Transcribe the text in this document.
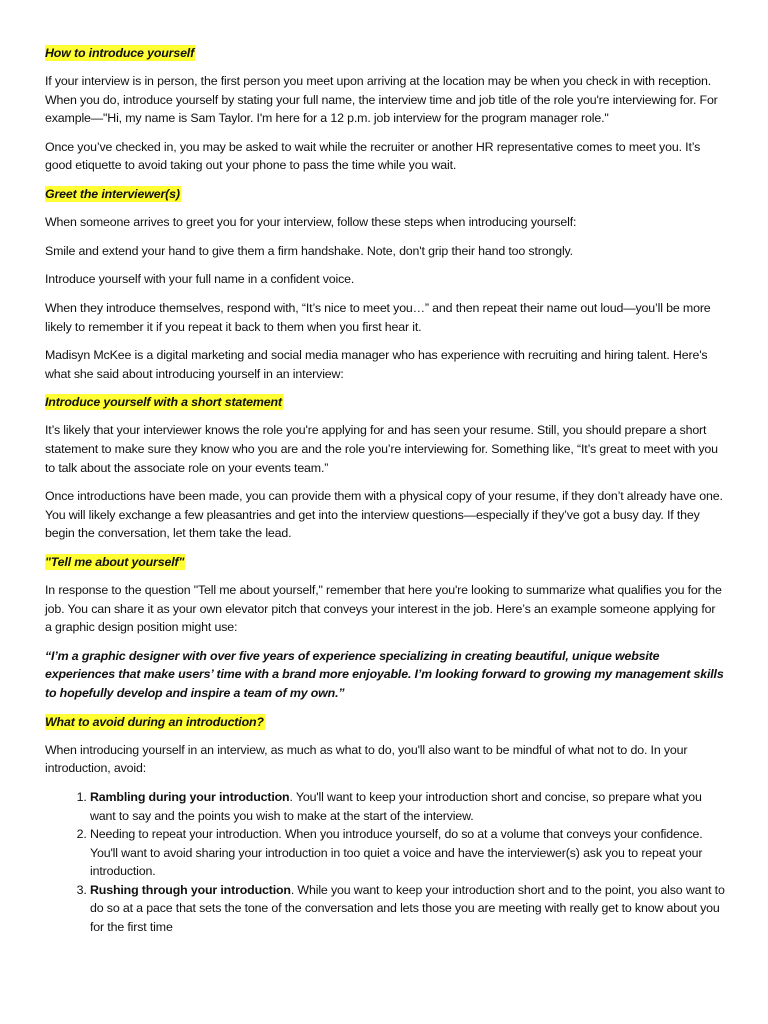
How to introduce yourself

If your interview is in person, the first person you meet upon arriving at the location may be when you check in with reception. When you do, introduce yourself by stating your full name, the interview time and job title of the role you're interviewing for. For example—"Hi, my name is Sam Taylor. I'm here for a 12 p.m. job interview for the program manager role."

Once you’ve checked in, you may be asked to wait while the recruiter or another HR representative comes to meet you. It’s good etiquette to avoid taking out your phone to pass the time while you wait.

Greet the interviewer(s)

When someone arrives to greet you for your interview, follow these steps when introducing yourself:

Smile and extend your hand to give them a firm handshake. Note, don't grip their hand too strongly.

Introduce yourself with your full name in a confident voice.

When they introduce themselves, respond with, “It’s nice to meet you…” and then repeat their name out loud—you’ll be more likely to remember it if you repeat it back to them when you first hear it.

Madisyn McKee is a digital marketing and social media manager who has experience with recruiting and hiring talent. Here's what she said about introducing yourself in an interview:

Introduce yourself with a short statement

It’s likely that your interviewer knows the role you're applying for and has seen your resume. Still, you should prepare a short statement to make sure they know who you are and the role you’re interviewing for. Something like, “It’s great to meet with you to talk about the associate role on your events team.”

Once introductions have been made, you can provide them with a physical copy of your resume, if they don’t already have one. You will likely exchange a few pleasantries and get into the interview questions—especially if they’ve got a busy day. If they begin the conversation, let them take the lead.

"Tell me about yourself"

In response to the question "Tell me about yourself," remember that here you're looking to summarize what qualifies you for the job. You can share it as your own elevator pitch that conveys your interest in the job. Here’s an example someone applying for a graphic design position might use:

“I’m a graphic designer with over five years of experience specializing in creating beautiful, unique website experiences that make users’ time with a brand more enjoyable. I’m looking forward to growing my management skills to hopefully develop and inspire a team of my own.”

What to avoid during an introduction?

When introducing yourself in an interview, as much as what to do, you'll also want to be mindful of what not to do. In your introduction, avoid:

1. Rambling during your introduction. You'll want to keep your introduction short and concise, so prepare what you want to say and the points you wish to make at the start of the interview.
2. Needing to repeat your introduction. When you introduce yourself, do so at a volume that conveys your confidence. You'll want to avoid sharing your introduction in too quiet a voice and have the interviewer(s) ask you to repeat your introduction.
3. Rushing through your introduction. While you want to keep your introduction short and to the point, you also want to do so at a pace that sets the tone of the conversation and lets those you are meeting with really get to know about you for the first time
